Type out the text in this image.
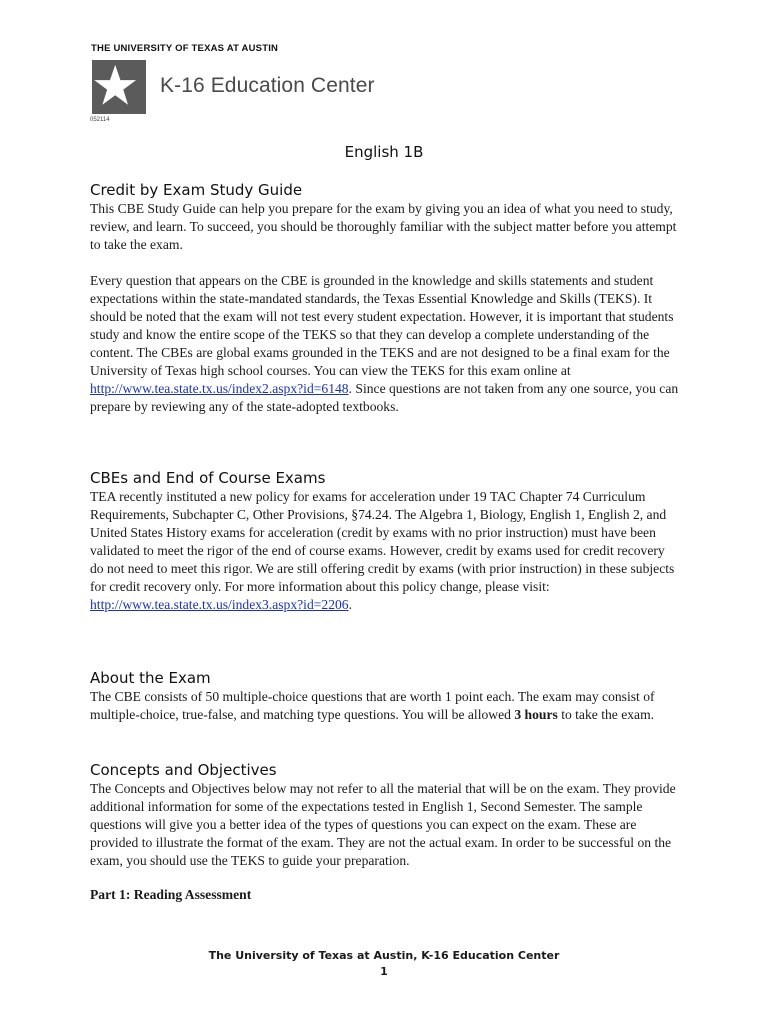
THE UNIVERSITY OF TEXAS AT AUSTIN
K-16 Education Center
052114
English 1B
Credit by Exam Study Guide

This CBE Study Guide can help you prepare for the exam by giving you an idea of what you need to study, review, and learn. To succeed, you should be thoroughly familiar with the subject matter before you attempt to take the exam.

Every question that appears on the CBE is grounded in the knowledge and skills statements and student expectations within the state-mandated standards, the Texas Essential Knowledge and Skills (TEKS). It should be noted that the exam will not test every student expectation. However, it is important that students study and know the entire scope of the TEKS so that they can develop a complete understanding of the content. The CBEs are global exams grounded in the TEKS and are not designed to be a final exam for the University of Texas high school courses. You can view the TEKS for this exam online at http://www.tea.state.tx.us/index2.aspx?id=6148. Since questions are not taken from any one source, you can prepare by reviewing any of the state-adopted textbooks.

CBEs and End of Course Exams

TEA recently instituted a new policy for exams for acceleration under 19 TAC Chapter 74 Curriculum Requirements, Subchapter C, Other Provisions, §74.24. The Algebra 1, Biology, English 1, English 2, and United States History exams for acceleration (credit by exams with no prior instruction) must have been validated to meet the rigor of the end of course exams. However, credit by exams used for credit recovery do not need to meet this rigor. We are still offering credit by exams (with prior instruction) in these subjects for credit recovery only. For more information about this policy change, please visit: http://www.tea.state.tx.us/index3.aspx?id=2206.

About the Exam

The CBE consists of 50 multiple-choice questions that are worth 1 point each. The exam may consist of multiple-choice, true-false, and matching type questions. You will be allowed 3 hours to take the exam.

Concepts and Objectives

The Concepts and Objectives below may not refer to all the material that will be on the exam. They provide additional information for some of the expectations tested in English 1, Second Semester. The sample questions will give you a better idea of the types of questions you can expect on the exam. These are provided to illustrate the format of the exam. They are not the actual exam. In order to be successful on the exam, you should use the TEKS to guide your preparation.

Part 1: Reading Assessment

The University of Texas at Austin, K-16 Education Center
1
